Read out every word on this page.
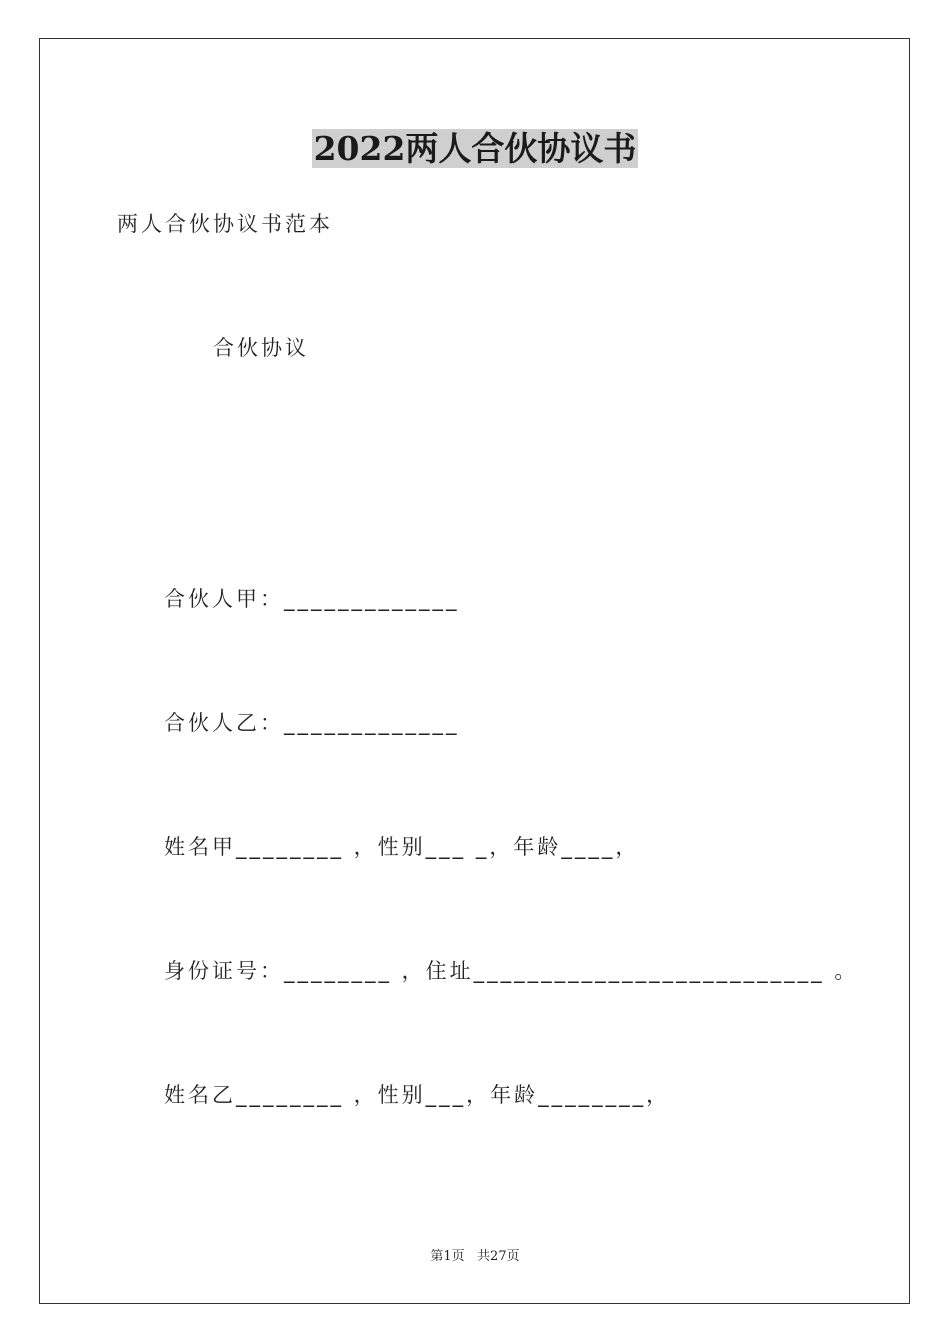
2022两人合伙协议书
两人合伙协议书范本
合伙协议
合伙人甲：_____________
合伙人乙：_____________
姓名甲________ ，性别___ _，年龄____，
身份证号：________ ，住址__________________________ 。
姓名乙________ ，性别___，年龄________，
第1页   共27页
